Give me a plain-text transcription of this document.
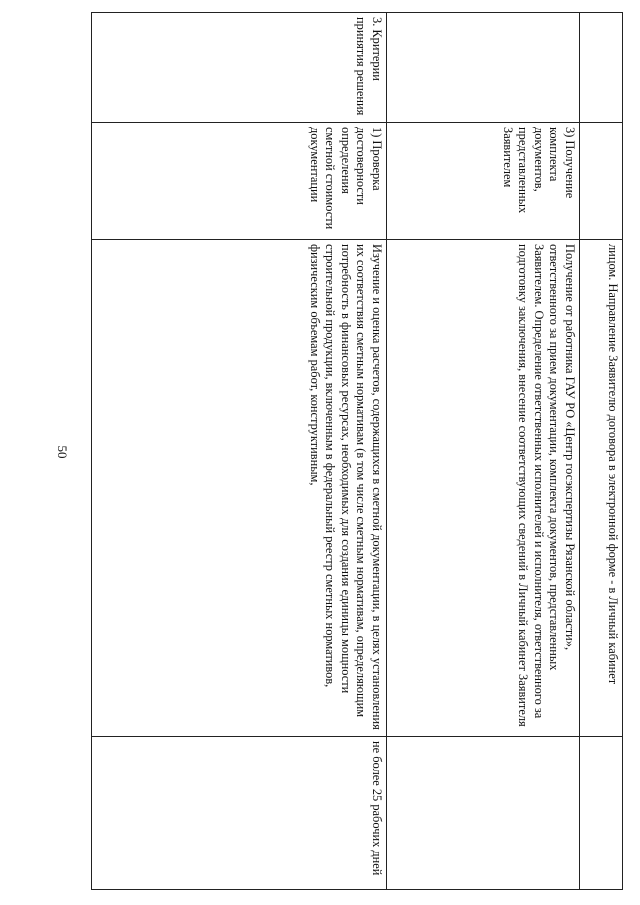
50

		лицом. Направление Заявителю договора в электронной форме - в Личный кабинет	

	3) Получение комплекта документов, представленных Заявителем	Получение от работника ГАУ РО «Центр госэкспертизы Рязанской области», ответственного за прием документации, комплекта документов, представленных Заявителем. Определение ответственных исполнителей и исполнителя, ответственного за подготовку заключения, внесение соответствующих сведений в Личный кабинет Заявителя	

3. Критерии принятия решения	1) Проверка достоверности определения сметной стоимости документации	Изучение и оценка расчетов, содержащихся в сметной документации, в целях установления их соответствия сметным нормативам (в том числе сметным нормативам, определяющим потребность в финансовых ресурсах, необходимых для создания единицы мощности строительной продукции, включенным в федеральный реестр сметных нормативов, физическим объемам работ, конструктивным,	не более 25 рабочих дней
